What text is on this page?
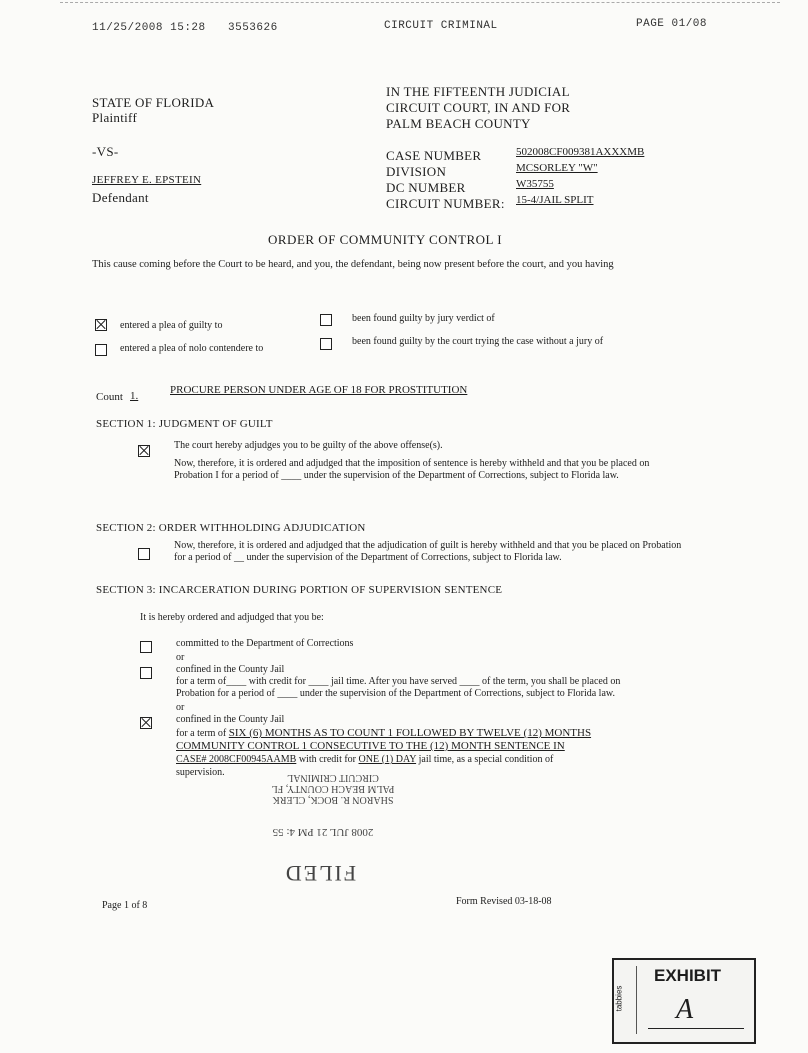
11/25/2008 15:28 3553626	CIRCUIT CRIMINAL	PAGE 01/08
STATE OF FLORIDA
Plaintiff
-VS-
JEFFREY E. EPSTEIN
Defendant
IN THE FIFTEENTH JUDICIAL
CIRCUIT COURT, IN AND FOR
PALM BEACH COUNTY
CASE NUMBER	502008CF009381AXXXMB
DIVISION	MCSORLEY "W"
DC NUMBER	W35755
CIRCUIT NUMBER: 15-4/JAIL SPLIT
ORDER OF COMMUNITY CONTROL I
This cause coming before the Court to be heard, and you, the defendant, being now present before the court, and you having
entered a plea of guilty to
been found guilty by jury verdict of
entered a plea of nolo contendere to
been found guilty by the court trying the case without a jury of
Count 1.	PROCURE PERSON UNDER AGE OF 18 FOR PROSTITUTION
SECTION 1: JUDGMENT OF GUILT
The court hereby adjudges you to be guilty of the above offense(s).
Now, therefore, it is ordered and adjudged that the imposition of sentence is hereby withheld and that you be placed on Probation I for a period of ____ under the supervision of the Department of Corrections, subject to Florida law.
SECTION 2: ORDER WITHHOLDING ADJUDICATION
Now, therefore, it is ordered and adjudged that the adjudication of guilt is hereby withheld and that you be placed on Probation for a period of __ under the supervision of the Department of Corrections, subject to Florida law.
SECTION 3: INCARCERATION DURING PORTION OF SUPERVISION SENTENCE
It is hereby ordered and adjudged that you be:
committed to the Department of Corrections
or
confined in the County Jail
for a term of____ with credit for ____ jail time. After you have served ____ of the term, you shall be placed on
Probation for a period of ____ under the supervision of the Department of Corrections, subject to Florida law.
or
confined in the County Jail
for a term of SIX (6) MONTHS AS TO COUNT 1 FOLLOWED BY TWELVE (12) MONTHS
COMMUNITY CONTROL 1 CONSECUTIVE TO THE (12) MONTH SENTENCE IN
CASE# 2008CF00945AAMB with credit for ONE (1) DAY jail time, as a special condition of
supervision.
SHARON R. BOCK, CLERK
PALM BEACH COUNTY, FL
CIRCUIT CRIMINAL
2008 JUL 21 PM 4: 55
FILED
Page 1 of 8	Form Revised 03-18-08
tabbies
EXHIBIT
A
